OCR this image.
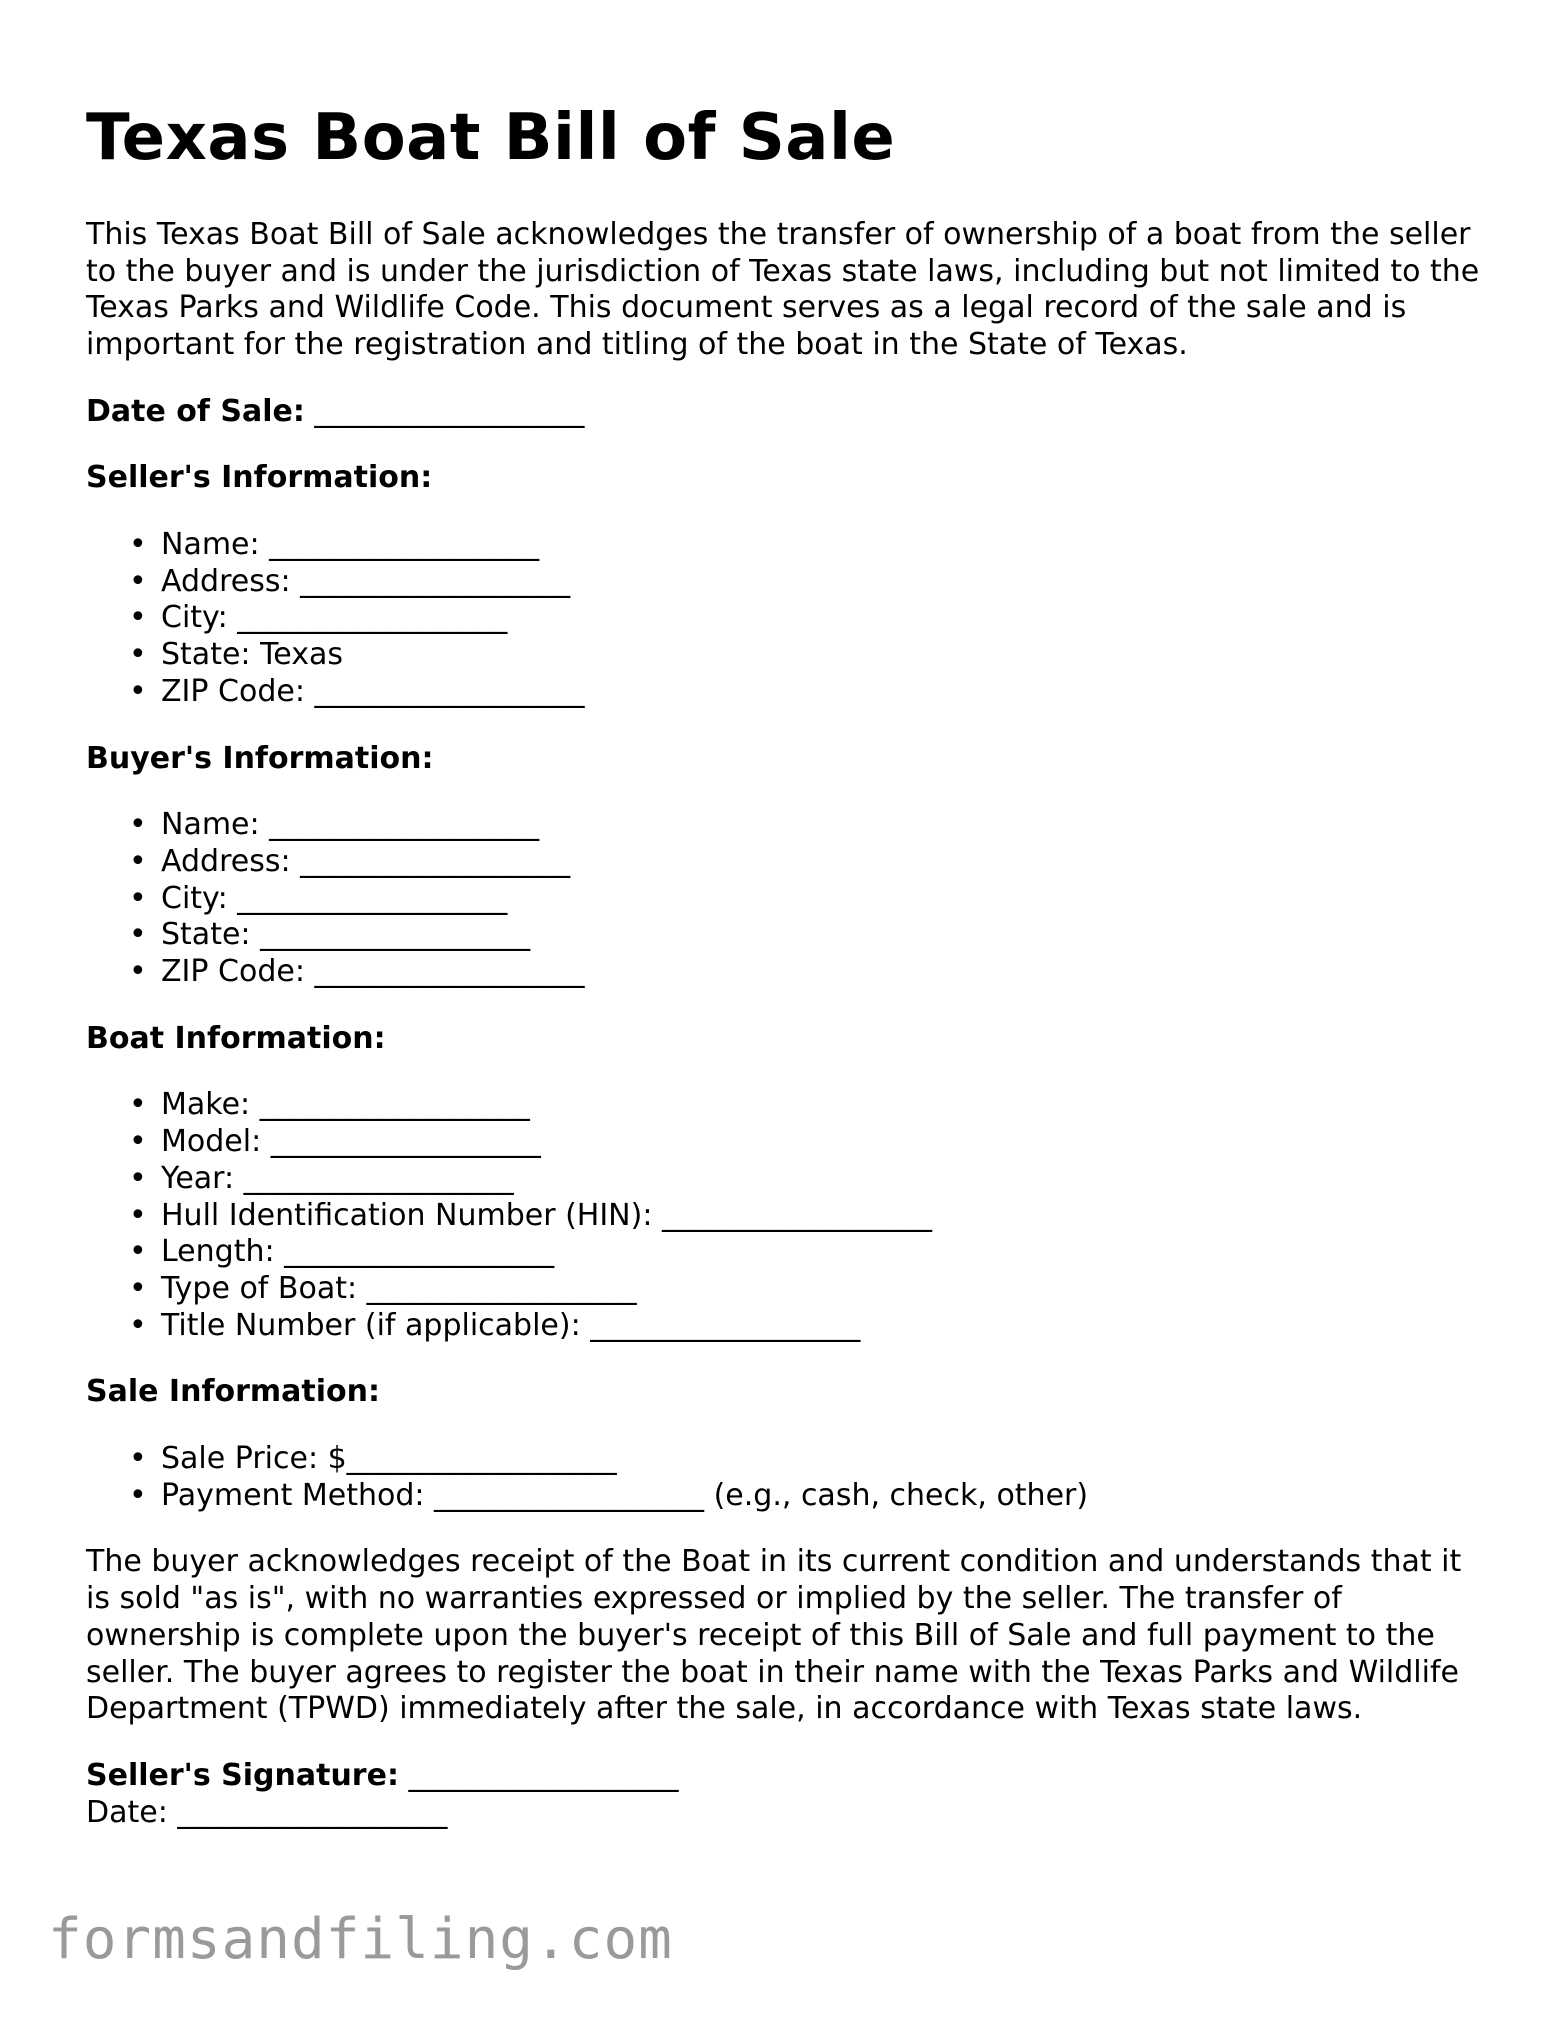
Texas Boat Bill of Sale

This Texas Boat Bill of Sale acknowledges the transfer of ownership of a boat from the seller to the buyer and is under the jurisdiction of Texas state laws, including but not limited to the Texas Parks and Wildlife Code. This document serves as a legal record of the sale and is important for the registration and titling of the boat in the State of Texas.

Date of Sale: __________________
Seller's Information:
• Name: __________________
• Address: __________________
• City: __________________
• State: Texas
• ZIP Code: __________________
Buyer's Information:
• Name: __________________
• Address: __________________
• City: __________________
• State: __________________
• ZIP Code: __________________
Boat Information:
• Make: __________________
• Model: __________________
• Year: __________________
• Hull Identification Number (HIN): __________________
• Length: __________________
• Type of Boat: __________________
• Title Number (if applicable): __________________
Sale Information:
• Sale Price: $__________________
• Payment Method: __________________ (e.g., cash, check, other)

The buyer acknowledges receipt of the Boat in its current condition and understands that it is sold "as is", with no warranties expressed or implied by the seller. The transfer of ownership is complete upon the buyer's receipt of this Bill of Sale and full payment to the seller. The buyer agrees to register the boat in their name with the Texas Parks and Wildlife Department (TPWD) immediately after the sale, in accordance with Texas state laws.

Seller's Signature: __________________
Date: __________________
formsandfiling.com
